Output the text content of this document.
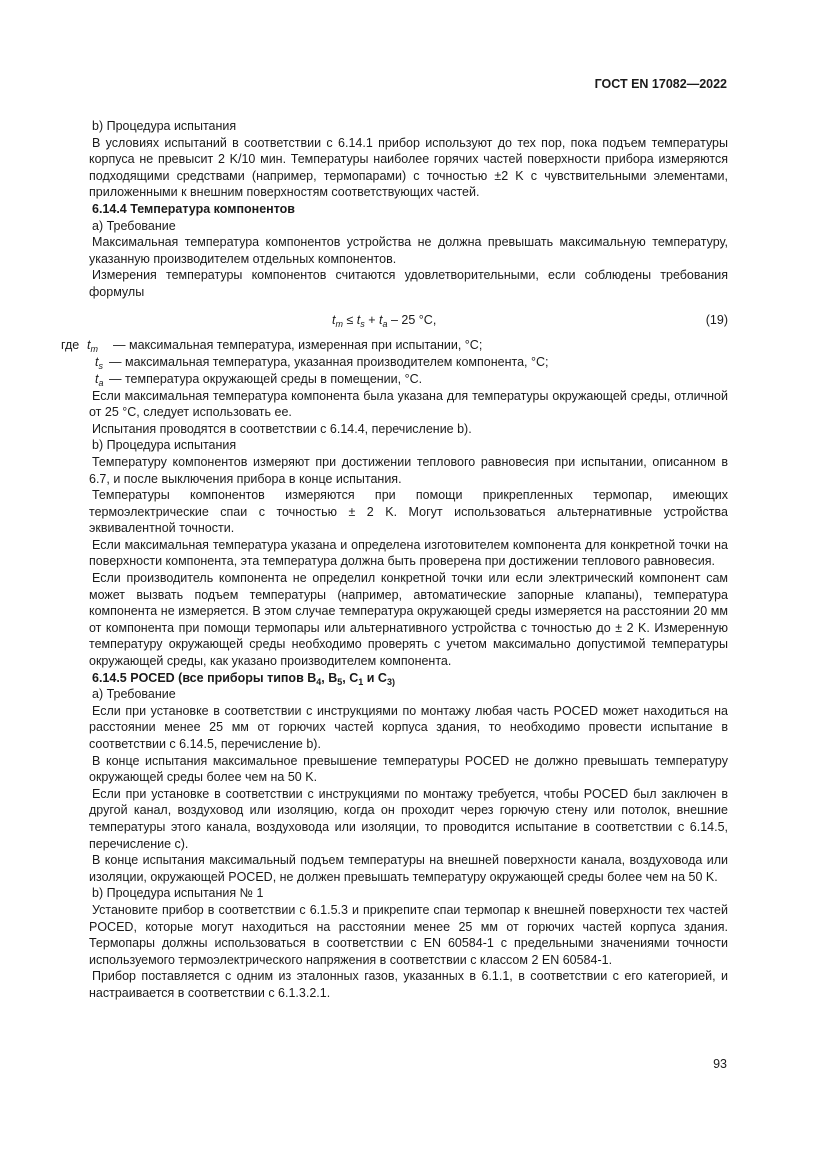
ГОСТ EN 17082—2022

b) Процедура испытания

В условиях испытаний в соответствии с 6.14.1 прибор используют до тех пор, пока подъем температуры корпуса не превысит 2 K/10 мин. Температуры наиболее горячих частей поверхности прибора измеряются подходящими средствами (например, термопарами) с точностью ±2 K с чувствительными элементами, приложенными к внешним поверхностям соответствующих частей.

6.14.4 Температура компонентов

a) Требование

Максимальная температура компонентов устройства не должна превышать максимальную температуру, указанную производителем отдельных компонентов.

Измерения температуры компонентов считаются удовлетворительными, если соблюдены требования формулы

$t_m \le t_s + t_a - 25$ °C,	(19)
где $t_m$	— максимальная температура, измеренная при испытании, °C;
$t_s$ — максимальная температура, указанная производителем компонента, °C;
$t_a$ — температура окружающей среды в помещении, °C.

Если максимальная температура компонента была указана для температуры окружающей среды, отличной от 25 °C, следует использовать ее.

Испытания проводятся в соответствии с 6.14.4, перечисление b).

b) Процедура испытания

Температуру компонентов измеряют при достижении теплового равновесия при испытании, описанном в 6.7, и после выключения прибора в конце испытания.

Температуры компонентов измеряются при помощи прикрепленных термопар, имеющих термоэлектрические спаи с точностью ± 2 K. Могут использоваться альтернативные устройства эквивалентной точности.

Если максимальная температура указана и определена изготовителем компонента для конкретной точки на поверхности компонента, эта температура должна быть проверена при достижении теплового равновесия.

Если производитель компонента не определил конкретной точки или если электрический компонент сам может вызвать подъем температуры (например, автоматические запорные клапаны), температура компонента не измеряется. В этом случае температура окружающей среды измеряется на расстоянии 20 мм от компонента при помощи термопары или альтернативного устройства с точностью до ± 2 K. Измеренную температуру окружающей среды необходимо проверять с учетом максимально допустимой температуры окружающей среды, как указано производителем компонента.

6.14.5 POCED (все приборы типов $B_4$, $B_5$, $C_1$ и $C_{3)}$

a) Требование

Если при установке в соответствии с инструкциями по монтажу любая часть POCED может находиться на расстоянии менее 25 мм от горючих частей корпуса здания, то необходимо провести испытание в соответствии с 6.14.5, перечисление b).

В конце испытания максимальное превышение температуры POCED не должно превышать температуру окружающей среды более чем на 50 K.

Если при установке в соответствии с инструкциями по монтажу требуется, чтобы POCED был заключен в другой канал, воздуховод или изоляцию, когда он проходит через горючую стену или потолок, внешние температуры этого канала, воздуховода или изоляции, то проводится испытание в соответствии с 6.14.5, перечисление c).

В конце испытания максимальный подъем температуры на внешней поверхности канала, воздуховода или изоляции, окружающей POCED, не должен превышать температуру окружающей среды более чем на 50 K.

b) Процедура испытания № 1

Установите прибор в соответствии с 6.1.5.3 и прикрепите спаи термопар к внешней поверхности тех частей POCED, которые могут находиться на расстоянии менее 25 мм от горючих частей корпуса здания. Термопары должны использоваться в соответствии с EN 60584-1 с предельными значениями точности используемого термоэлектрического напряжения в соответствии с классом 2 EN 60584-1.

Прибор поставляется с одним из эталонных газов, указанных в 6.1.1, в соответствии с его категорией, и настраивается в соответствии с 6.1.3.2.1.

93
